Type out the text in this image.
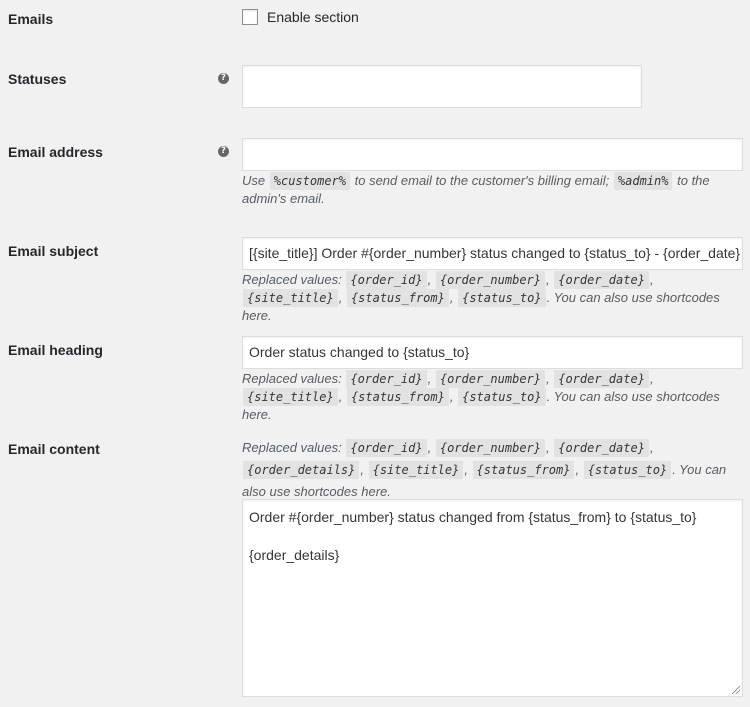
Emails	Enable section
Statuses	?
Email address	?
Use %customer% to send email to the customer's billing email; %admin% to the
admin's email.
Email subject	[{site_title}] Order #{order_number} status changed to {status_to} - {order_date}
Replaced values: {order_id} , {order_number} , {order_date} ,
{site_title} , {status_from} , {status_to} . You can also use shortcodes here.
Email heading	Order status changed to {status_to}
Replaced values: {order_id} , {order_number} , {order_date} ,
{site_title} , {status_from} , {status_to} . You can also use shortcodes here.
Email content	Replaced values: {order_id} , {order_number} , {order_date} ,
{order_details} , {site_title} , {status_from} , {status_to} . You can
also use shortcodes here.
Order #{order_number} status changed from {status_from} to {status_to}
{order_details}
